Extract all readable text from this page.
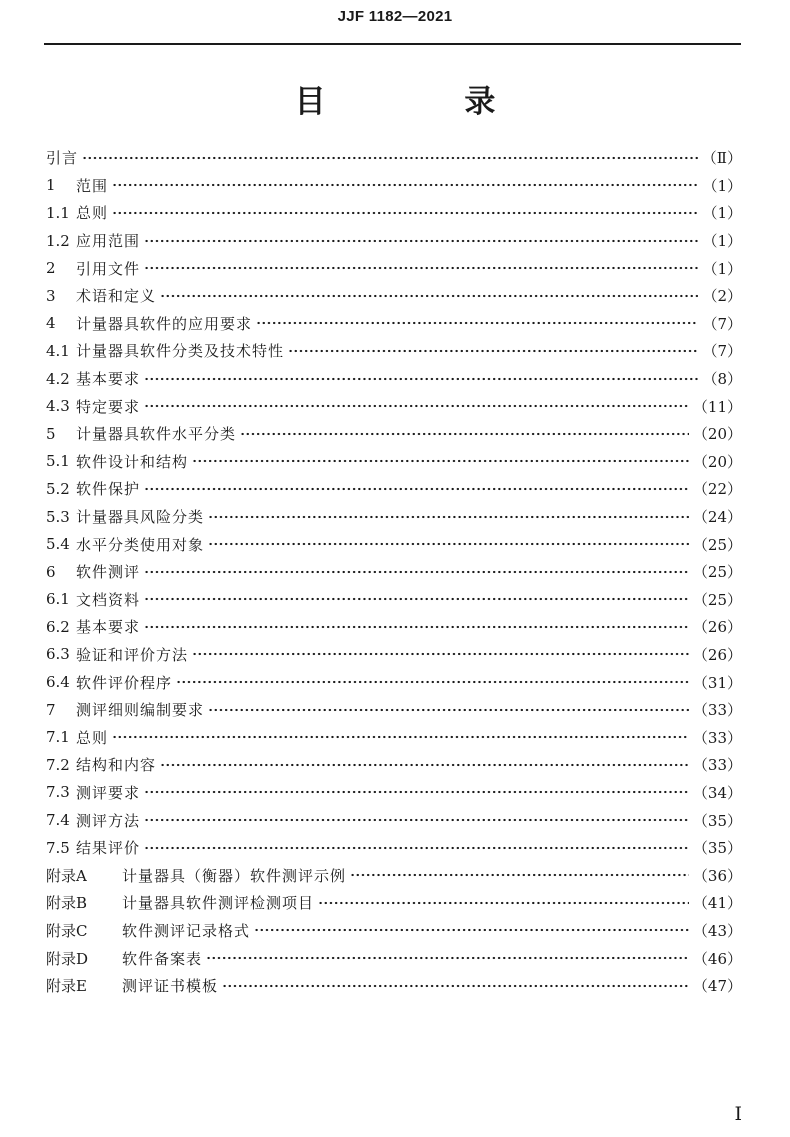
JJF 1182—2021
目 录
引言	（Ⅱ）
1	范围	（1）
1.1 总则	（1）
1.2 应用范围	（1）
2	引用文件	（1）
3	术语和定义	（2）
4	计量器具软件的应用要求	（7）
4.1 计量器具软件分类及技术特性	（7）
4.2 基本要求	（8）
4.3 特定要求	（11）
5	计量器具软件水平分类	（20）
5.1 软件设计和结构	（20）
5.2 软件保护	（22）
5.3 计量器具风险分类	（24）
5.4 水平分类使用对象	（25）
6	软件测评	（25）
6.1 文档资料	（25）
6.2 基本要求	（26）
6.3 验证和评价方法	（26）
6.4 软件评价程序	（31）
7	测评细则编制要求	（33）
7.1 总则	（33）
7.2 结构和内容	（33）
7.3 测评要求	（34）
7.4 测评方法	（35）
7.5 结果评价	（35）
附录A	计量器具（衡器）软件测评示例	（36）
附录B	计量器具软件测评检测项目	（41）
附录C	软件测评记录格式	（43）
附录D	软件备案表	（46）
附录E	测评证书模板	（47）
I
